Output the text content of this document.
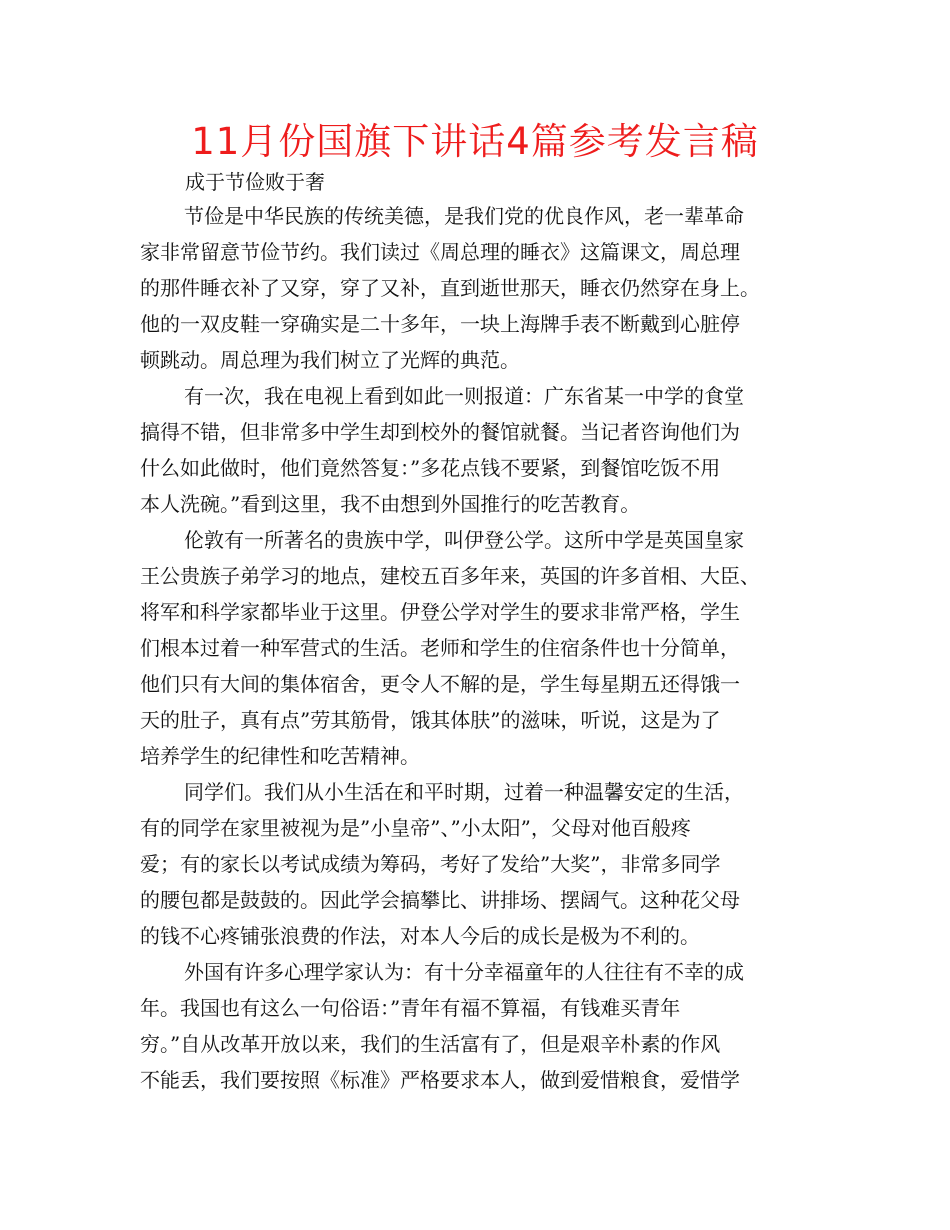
11月份国旗下讲话4篇参考发言稿

成于节俭败于奢

节俭是中华民族的传统美德，是我们党的优良作风，老一辈革命
家非常留意节俭节约。我们读过《周总理的睡衣》这篇课文，周总理
的那件睡衣补了又穿，穿了又补，直到逝世那天，睡衣仍然穿在身上。
他的一双皮鞋一穿确实是二十多年，一块上海牌手表不断戴到心脏停
顿跳动。周总理为我们树立了光辉的典范。

有一次，我在电视上看到如此一则报道：广东省某一中学的食堂
搞得不错，但非常多中学生却到校外的餐馆就餐。当记者咨询他们为
什么如此做时，他们竟然答复：”多花点钱不要紧，到餐馆吃饭不用
本人洗碗。”看到这里，我不由想到外国推行的吃苦教育。

伦敦有一所著名的贵族中学，叫伊登公学。这所中学是英国皇家
王公贵族子弟学习的地点，建校五百多年来，英国的许多首相、大臣、
将军和科学家都毕业于这里。伊登公学对学生的要求非常严格，学生
们根本过着一种军营式的生活。老师和学生的住宿条件也十分简单，
他们只有大间的集体宿舍，更令人不解的是，学生每星期五还得饿一
天的肚子，真有点”劳其筋骨，饿其体肤”的滋味，听说，这是为了
培养学生的纪律性和吃苦精神。

同学们。我们从小生活在和平时期，过着一种温馨安定的生活，
有的同学在家里被视为是”小皇帝”、”小太阳”，父母对他百般疼
爱；有的家长以考试成绩为筹码，考好了发给”大奖”，非常多同学
的腰包都是鼓鼓的。因此学会搞攀比、讲排场、摆阔气。这种花父母
的钱不心疼铺张浪费的作法，对本人今后的成长是极为不利的。

外国有许多心理学家认为：有十分幸福童年的人往往有不幸的成
年。我国也有这么一句俗语：”青年有福不算福，有钱难买青年
穷。”自从改革开放以来，我们的生活富有了，但是艰辛朴素的作风
不能丢，我们要按照《标准》严格要求本人，做到爱惜粮食，爱惜学
